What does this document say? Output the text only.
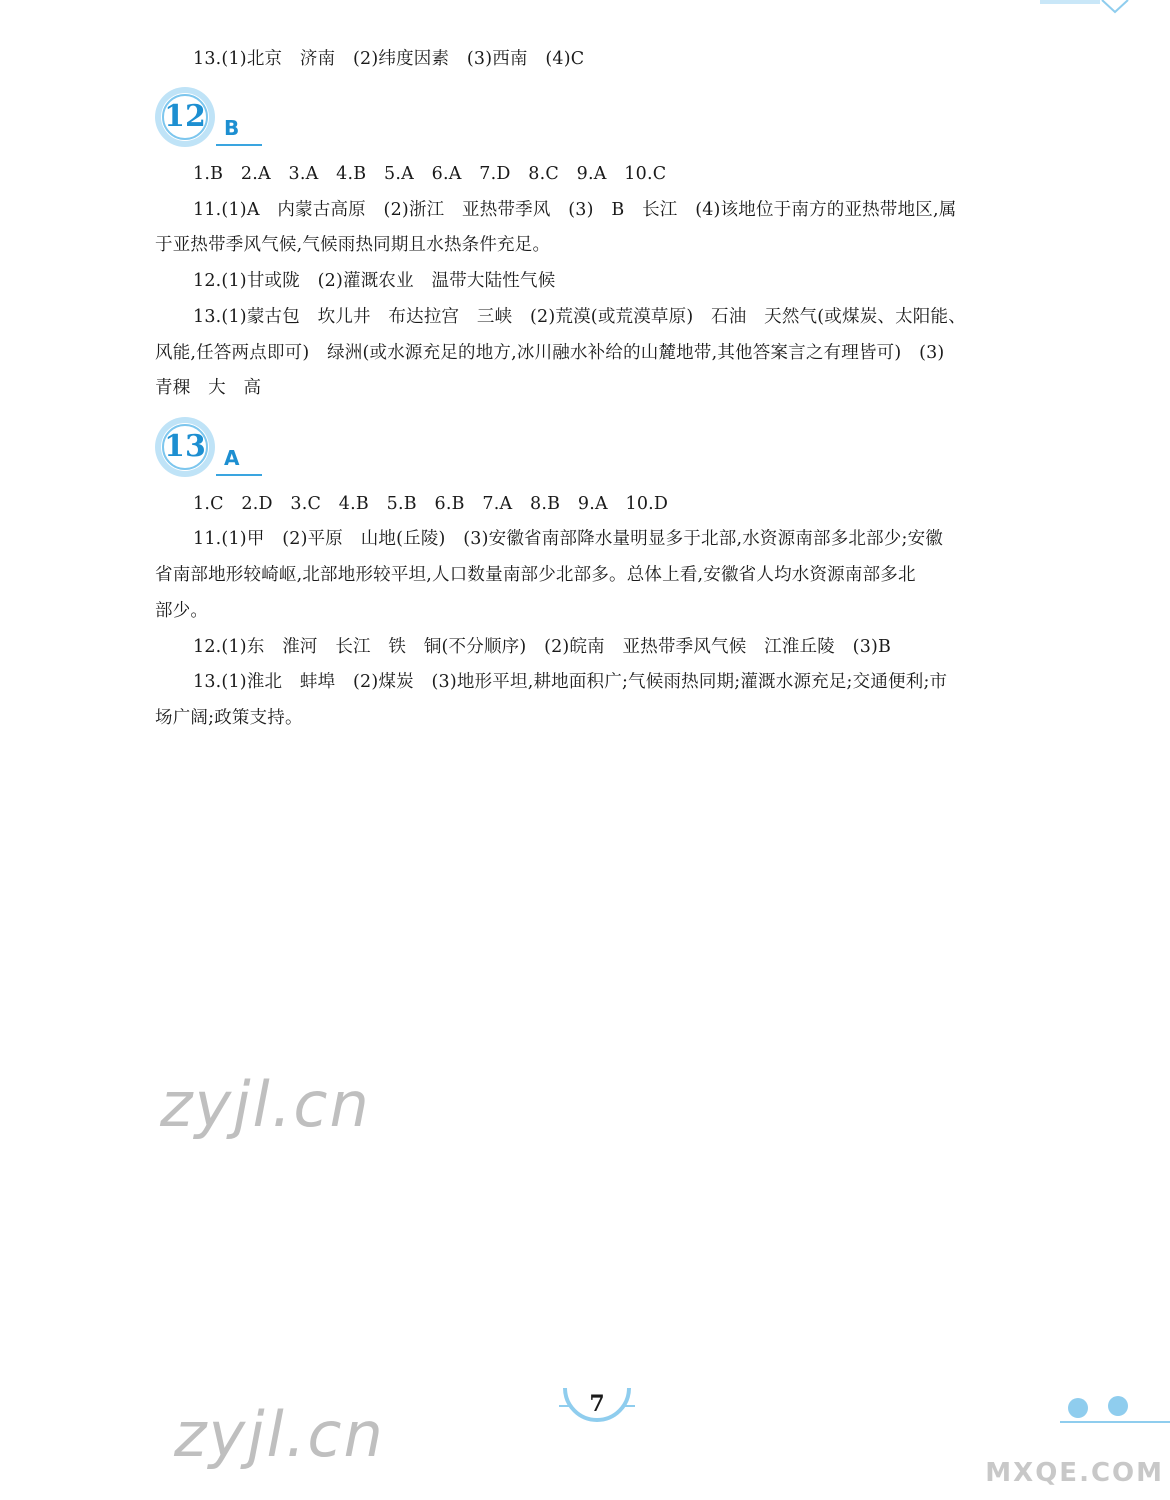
13.(1)北京　济南　(2)纬度因素　(3)西南　(4)C
12 B
1.B　2.A　3.A　4.B　5.A　6.A　7.D　8.C　9.A　10.C
11.(1)A　内蒙古高原　(2)浙江　亚热带季风　(3)　B　长江　(4)该地位于南方的亚热带地区,属
于亚热带季风气候,气候雨热同期且水热条件充足。
12.(1)甘或陇　(2)灌溉农业　温带大陆性气候
13.(1)蒙古包　坎儿井　布达拉宫　三峡　(2)荒漠(或荒漠草原)　石油　天然气(或煤炭、太阳能、
风能,任答两点即可)　绿洲(或水源充足的地方,冰川融水补给的山麓地带,其他答案言之有理皆可)　(3)
青稞　大　高
13 A
1.C　2.D　3.C　4.B　5.B　6.B　7.A　8.B　9.A　10.D
11.(1)甲　(2)平原　山地(丘陵)　(3)安徽省南部降水量明显多于北部,水资源南部多北部少;安徽
省南部地形较崎岖,北部地形较平坦,人口数量南部少北部多。总体上看,安徽省人均水资源南部多北
部少。
12.(1)东　淮河　长江　铁　铜(不分顺序)　(2)皖南　亚热带季风气候　江淮丘陵　(3)B
13.(1)淮北　蚌埠　(2)煤炭　(3)地形平坦,耕地面积广;气候雨热同期;灌溉水源充足;交通便利;市
场广阔;政策支持。
zyjl.cn
zyjl.cn	7
MXQE.COM
